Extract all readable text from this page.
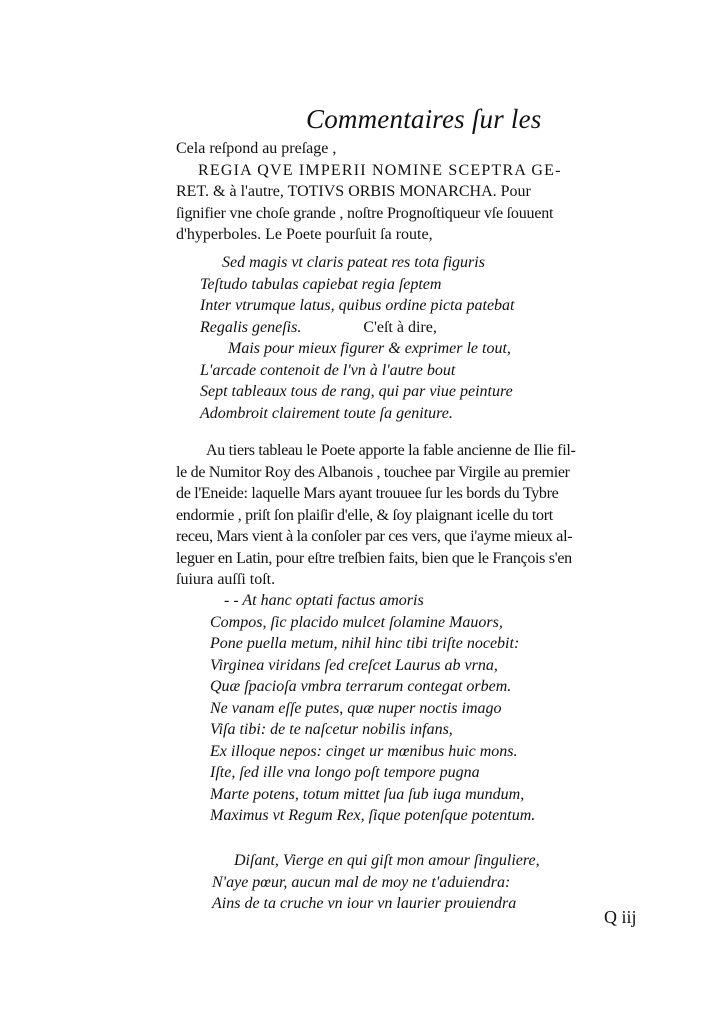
Commentaires ſur les
Cela reſpond au preſage ,
REGIA QVE IMPERII NOMINE SCEPTRA GE-
RET. & à l'autre, TOTIVS ORBIS MONARCHA. Pour
ſignifier vne choſe grande , noſtre Prognoſtiqueur vſe ſouuent
d'hyperboles. Le Poete pourſuit ſa route,
Sed magis vt claris pateat res tota figuris
Teſtudo tabulas capiebat regia ſeptem
Inter vtrumque latus, quibus ordine picta patebat
Regalis geneſis.	C'eſt à dire,
Mais pour mieux figurer & exprimer le tout,
L'arcade contenoit de l'vn à l'autre bout
Sept tableaux tous de rang, qui par viue peinture
Adombroit clairement toute ſa geniture.
Au tiers tableau le Poete apporte la fable ancienne de Ilie fil-
le de Numitor Roy des Albanois , touchee par Virgile au premier
de l'Eneide: laquelle Mars ayant trouuee ſur les bords du Tybre
endormie , priſt ſon plaiſir d'elle, & ſoy plaignant icelle du tort
receu, Mars vient à la conſoler par ces vers, que i'ayme mieux al-
leguer en Latin, pour eſtre treſbien faits, bien que le François s'en
ſuiura auſſi toſt.
- - At hanc optati factus amoris
Compos, ſic placido mulcet ſolamine Mauors,
Pone puella metum, nihil hinc tibi triſte nocebit:
Virginea viridans ſed creſcet Laurus ab vrna,
Quæ ſpacioſa vmbra terrarum contegat orbem.
Ne vanam eſſe putes, quæ nuper noctis imago
Viſa tibi: de te naſcetur nobilis infans,
Ex illoque nepos: cinget ur mœnibus huic mons.
Iſte, ſed ille vna longo poſt tempore pugna
Marte potens, totum mittet ſua ſub iuga mundum,
Maximus vt Regum Rex, ſique potenſque potentum.
Diſant, Vierge en qui giſt mon amour ſinguliere,
N'aye pœur, aucun mal de moy ne t'aduiendra:
Ains de ta cruche vn iour vn laurier prouiendra
Q iij
